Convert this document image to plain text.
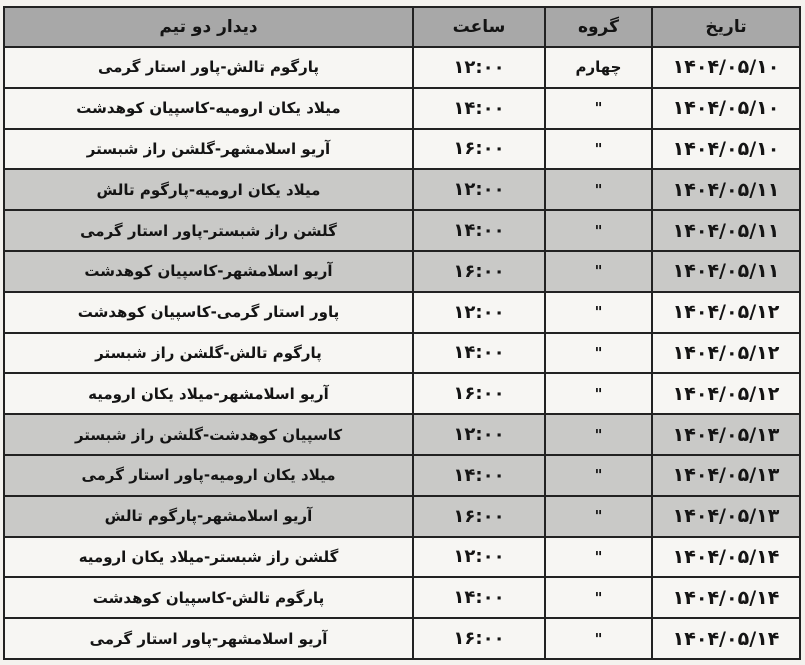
تاریخ	گروه	ساعت	دیدار دو تیم
۱۴۰۴/۰۵/۱۰	چهارم	۱۲:۰۰	پارگوم تالش-پاور استار گرمی
۱۴۰۴/۰۵/۱۰	"	۱۴:۰۰	میلاد یکان ارومیه-کاسپیان کوهدشت
۱۴۰۴/۰۵/۱۰	"	۱۶:۰۰	آریو اسلامشهر-گلشن راز شبستر
۱۴۰۴/۰۵/۱۱	"	۱۲:۰۰	میلاد یکان ارومیه-پارگوم تالش
۱۴۰۴/۰۵/۱۱	"	۱۴:۰۰	گلشن راز شبستر-پاور استار گرمی
۱۴۰۴/۰۵/۱۱	"	۱۶:۰۰	آریو اسلامشهر-کاسپیان کوهدشت
۱۴۰۴/۰۵/۱۲	"	۱۲:۰۰	پاور استار گرمی-کاسپیان کوهدشت
۱۴۰۴/۰۵/۱۲	"	۱۴:۰۰	پارگوم تالش-گلشن راز شبستر
۱۴۰۴/۰۵/۱۲	"	۱۶:۰۰	آریو اسلامشهر-میلاد یکان ارومیه
۱۴۰۴/۰۵/۱۳	"	۱۲:۰۰	کاسپیان کوهدشت-گلشن راز شبستر
۱۴۰۴/۰۵/۱۳	"	۱۴:۰۰	میلاد یکان ارومیه-پاور استار گرمی
۱۴۰۴/۰۵/۱۳	"	۱۶:۰۰	آریو اسلامشهر-پارگوم تالش
۱۴۰۴/۰۵/۱۴	"	۱۲:۰۰	گلشن راز شبستر-میلاد یکان ارومیه
۱۴۰۴/۰۵/۱۴	"	۱۴:۰۰	پارگوم تالش-کاسپیان کوهدشت
۱۴۰۴/۰۵/۱۴	"	۱۶:۰۰	آریو اسلامشهر-پاور استار گرمی
